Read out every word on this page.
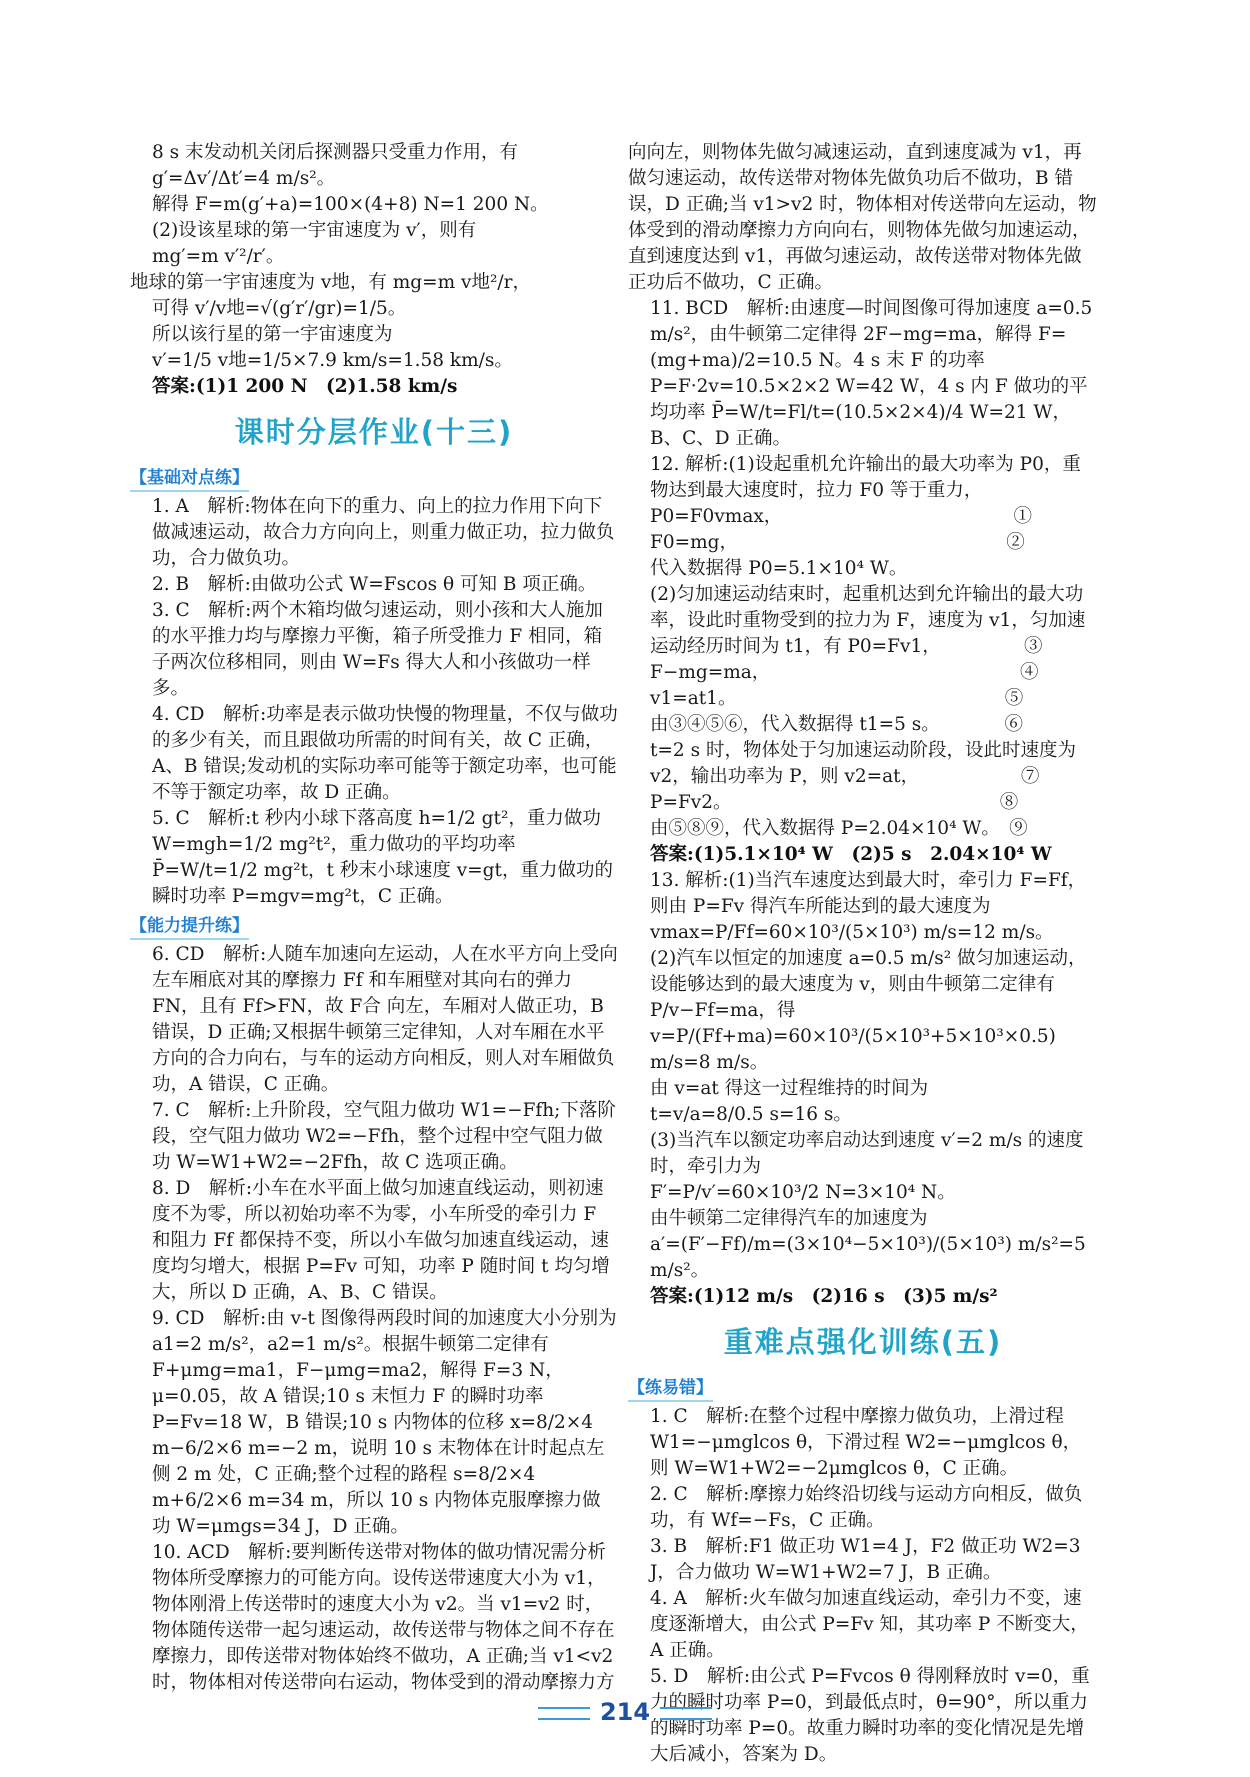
8 s 末发动机关闭后探测器只受重力作用，有
g′=Δv′/Δt′=4 m/s²。
解得 F=m(g′+a)=100×(4+8) N=1 200 N。
(2)设该星球的第一宇宙速度为 v′，则有
mg′=m v′²/r′。
地球的第一宇宙速度为 v地，有 mg=m v地²/r，
可得 v′/v地=√(g′r′/gr)=1/5。
所以该行星的第一宇宙速度为
v′=1/5 v地=1/5×7.9 km/s=1.58 km/s。
答案:(1)1 200 N　(2)1.58 km/s
课时分层作业(十三)
【基础对点练】
1. A　解析:物体在向下的重力、向上的拉力作用下向下做减速运动，故合力方向向上，则重力做正功，拉力做负功，合力做负功。
2. B　解析:由做功公式 W=Fscos θ 可知 B 项正确。
3. C　解析:两个木箱均做匀速运动，则小孩和大人施加的水平推力均与摩擦力平衡，箱子所受推力 F 相同，箱子两次位移相同，则由 W=Fs 得大人和小孩做功一样多。
4. CD　解析:功率是表示做功快慢的物理量，不仅与做功的多少有关，而且跟做功所需的时间有关，故 C 正确，A、B 错误;发动机的实际功率可能等于额定功率，也可能不等于额定功率，故 D 正确。
5. C　解析:t 秒内小球下落高度 h=1/2 gt²，重力做功 W=mgh=1/2 mg²t²，重力做功的平均功率 P̄=W/t=1/2 mg²t，t 秒末小球速度 v=gt，重力做功的瞬时功率 P=mgv=mg²t，C 正确。
【能力提升练】
6. CD　解析:人随车加速向左运动，人在水平方向上受向左车厢底对其的摩擦力 Ff 和车厢壁对其向右的弹力 FN，且有 Ff>FN，故 F合 向左，车厢对人做正功，B 错误，D 正确;又根据牛顿第三定律知，人对车厢在水平方向的合力向右，与车的运动方向相反，则人对车厢做负功，A 错误，C 正确。
7. C　解析:上升阶段，空气阻力做功 W1=−Ffh;下落阶段，空气阻力做功 W2=−Ffh，整个过程中空气阻力做功 W=W1+W2=−2Ffh，故 C 选项正确。
8. D　解析:小车在水平面上做匀加速直线运动，则初速度不为零，所以初始功率不为零，小车所受的牵引力 F 和阻力 Ff 都保持不变，所以小车做匀加速直线运动，速度均匀增大，根据 P=Fv 可知，功率 P 随时间 t 均匀增大，所以 D 正确，A、B、C 错误。
9. CD　解析:由 v-t 图像得两段时间的加速度大小分别为 a1=2 m/s²，a2=1 m/s²。根据牛顿第二定律有 F+μmg=ma1，F−μmg=ma2，解得 F=3 N，μ=0.05，故 A 错误;10 s 末恒力 F 的瞬时功率 P=Fv=18 W，B 错误;10 s 内物体的位移 x=8/2×4 m−6/2×6 m=−2 m，说明 10 s 末物体在计时起点左侧 2 m 处，C 正确;整个过程的路程 s=8/2×4 m+6/2×6 m=34 m，所以 10 s 内物体克服摩擦力做功 W=μmgs=34 J，D 正确。
10. ACD　解析:要判断传送带对物体的做功情况需分析物体所受摩擦力的可能方向。设传送带速度大小为 v1，物体刚滑上传送带时的速度大小为 v2。当 v1=v2 时，物体随传送带一起匀速运动，故传送带与物体之间不存在摩擦力，即传送带对物体始终不做功，A 正确;当 v1<v2 时，物体相对传送带向右运动，物体受到的滑动摩擦力方
向向左，则物体先做匀减速运动，直到速度减为 v1，再做匀速运动，故传送带对物体先做负功后不做功，B 错误，D 正确;当 v1>v2 时，物体相对传送带向左运动，物体受到的滑动摩擦力方向向右，则物体先做匀加速运动，直到速度达到 v1，再做匀速运动，故传送带对物体先做正功后不做功，C 正确。
11. BCD　解析:由速度—时间图像可得加速度 a=0.5 m/s²，由牛顿第二定律得 2F−mg=ma，解得 F=(mg+ma)/2=10.5 N。4 s 末 F 的功率 P=F·2v=10.5×2×2 W=42 W，4 s 内 F 做功的平均功率 P̄=W/t=Fl/t=(10.5×2×4)/4 W=21 W，B、C、D 正确。
12. 解析:(1)设起重机允许输出的最大功率为 P0，重物达到最大速度时，拉力 F0 等于重力，
P0=F0vmax，　　　　　　　　　　　　　①
F0=mg，　　　　　　　　　　　　　　　②
代入数据得 P0=5.1×10⁴ W。
(2)匀加速运动结束时，起重机达到允许输出的最大功率，设此时重物受到的拉力为 F，速度为 v1，匀加速运动经历时间为 t1，有 P0=Fv1，　　　　　③
F−mg=ma，　　　　　　　　　　　　　　④
v1=at1。　　　　　　　　　　　　　　　⑤
由③④⑤⑥，代入数据得 t1=5 s。　　　　⑥
t=2 s 时，物体处于匀加速运动阶段，设此时速度为 v2，输出功率为 P，则 v2=at，　　　　　　⑦
P=Fv2。　　　　　　　　　　　　　　　⑧
由⑤⑧⑨，代入数据得 P=2.04×10⁴ W。　⑨
答案:(1)5.1×10⁴ W　(2)5 s　2.04×10⁴ W
13. 解析:(1)当汽车速度达到最大时，牵引力 F=Ff，则由 P=Fv 得汽车所能达到的最大速度为
vmax=P/Ff=60×10³/(5×10³) m/s=12 m/s。
(2)汽车以恒定的加速度 a=0.5 m/s² 做匀加速运动，设能够达到的最大速度为 v，则由牛顿第二定律有 P/v−Ff=ma，得
v=P/(Ff+ma)=60×10³/(5×10³+5×10³×0.5) m/s=8 m/s。
由 v=at 得这一过程维持的时间为
t=v/a=8/0.5 s=16 s。
(3)当汽车以额定功率启动达到速度 v′=2 m/s 的速度时，牵引力为
F′=P/v′=60×10³/2 N=3×10⁴ N。
由牛顿第二定律得汽车的加速度为
a′=(F′−Ff)/m=(3×10⁴−5×10³)/(5×10³) m/s²=5 m/s²。
答案:(1)12 m/s　(2)16 s　(3)5 m/s²
重难点强化训练(五)
【练易错】
1. C　解析:在整个过程中摩擦力做负功，上滑过程 W1=−μmglcos θ，下滑过程 W2=−μmglcos θ，则 W=W1+W2=−2μmglcos θ，C 正确。
2. C　解析:摩擦力始终沿切线与运动方向相反，做负功，有 Wf=−Fs，C 正确。
3. B　解析:F1 做正功 W1=4 J，F2 做正功 W2=3 J，合力做功 W=W1+W2=7 J，B 正确。
4. A　解析:火车做匀加速直线运动，牵引力不变，速度逐渐增大，由公式 P=Fv 知，其功率 P 不断变大，A 正确。
5. D　解析:由公式 P=Fvcos θ 得刚释放时 v=0，重力的瞬时功率 P=0，到最低点时，θ=90°，所以重力的瞬时功率 P=0。故重力瞬时功率的变化情况是先增大后减小，答案为 D。
214
